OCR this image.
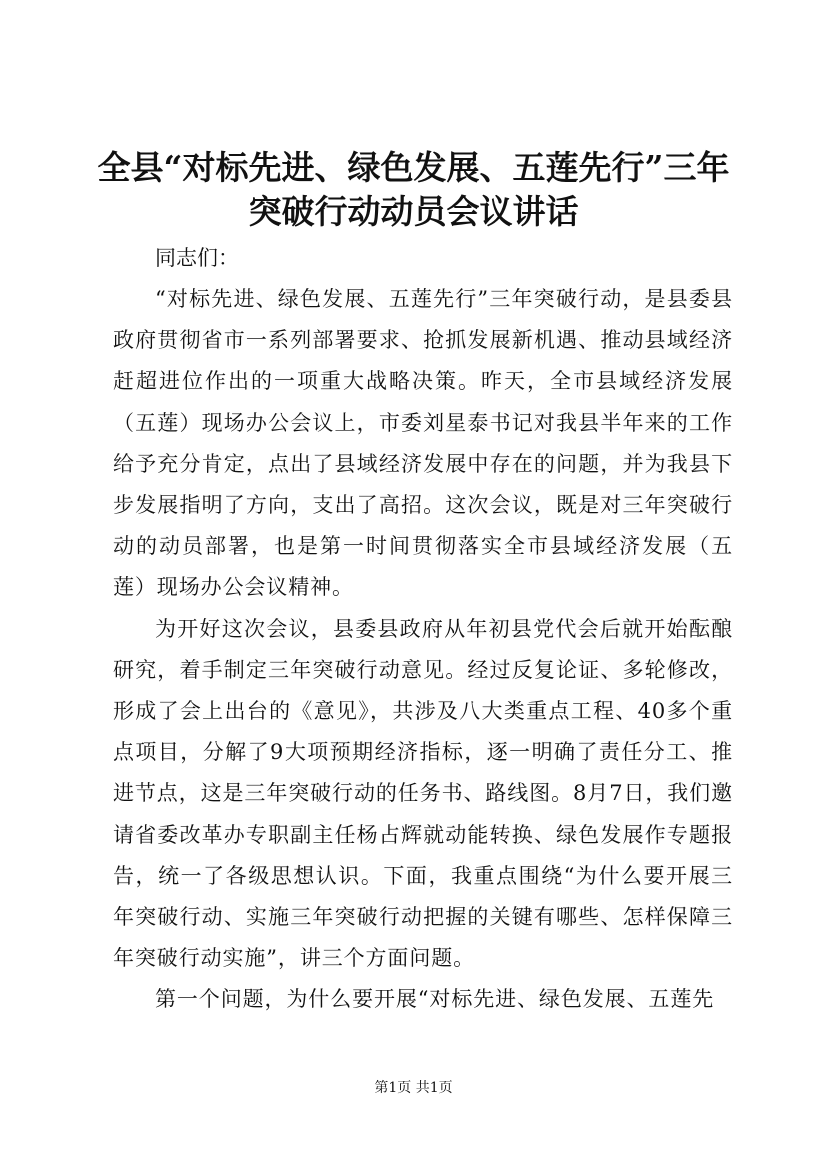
全县“对标先进、绿色发展、五莲先行”三年
突破行动动员会议讲话

同志们：

“对标先进、绿色发展、五莲先行”三年突破行动，是县委县政府贯彻省市一系列部署要求、抢抓发展新机遇、推动县域经济赶超进位作出的一项重大战略决策。昨天，全市县域经济发展（五莲）现场办公会议上，市委刘星泰书记对我县半年来的工作给予充分肯定，点出了县域经济发展中存在的问题，并为我县下步发展指明了方向，支出了高招。这次会议，既是对三年突破行动的动员部署，也是第一时间贯彻落实全市县域经济发展（五莲）现场办公会议精神。

为开好这次会议，县委县政府从年初县党代会后就开始酝酿研究，着手制定三年突破行动意见。经过反复论证、多轮修改，形成了会上出台的《意见》，共涉及八大类重点工程、40多个重点项目，分解了9大项预期经济指标，逐一明确了责任分工、推进节点，这是三年突破行动的任务书、路线图。8月7日，我们邀请省委改革办专职副主任杨占辉就动能转换、绿色发展作专题报告，统一了各级思想认识。下面，我重点围绕“为什么要开展三年突破行动、实施三年突破行动把握的关键有哪些、怎样保障三年突破行动实施”，讲三个方面问题。

第一个问题，为什么要开展“对标先进、绿色发展、五莲先

第1页 共1页
